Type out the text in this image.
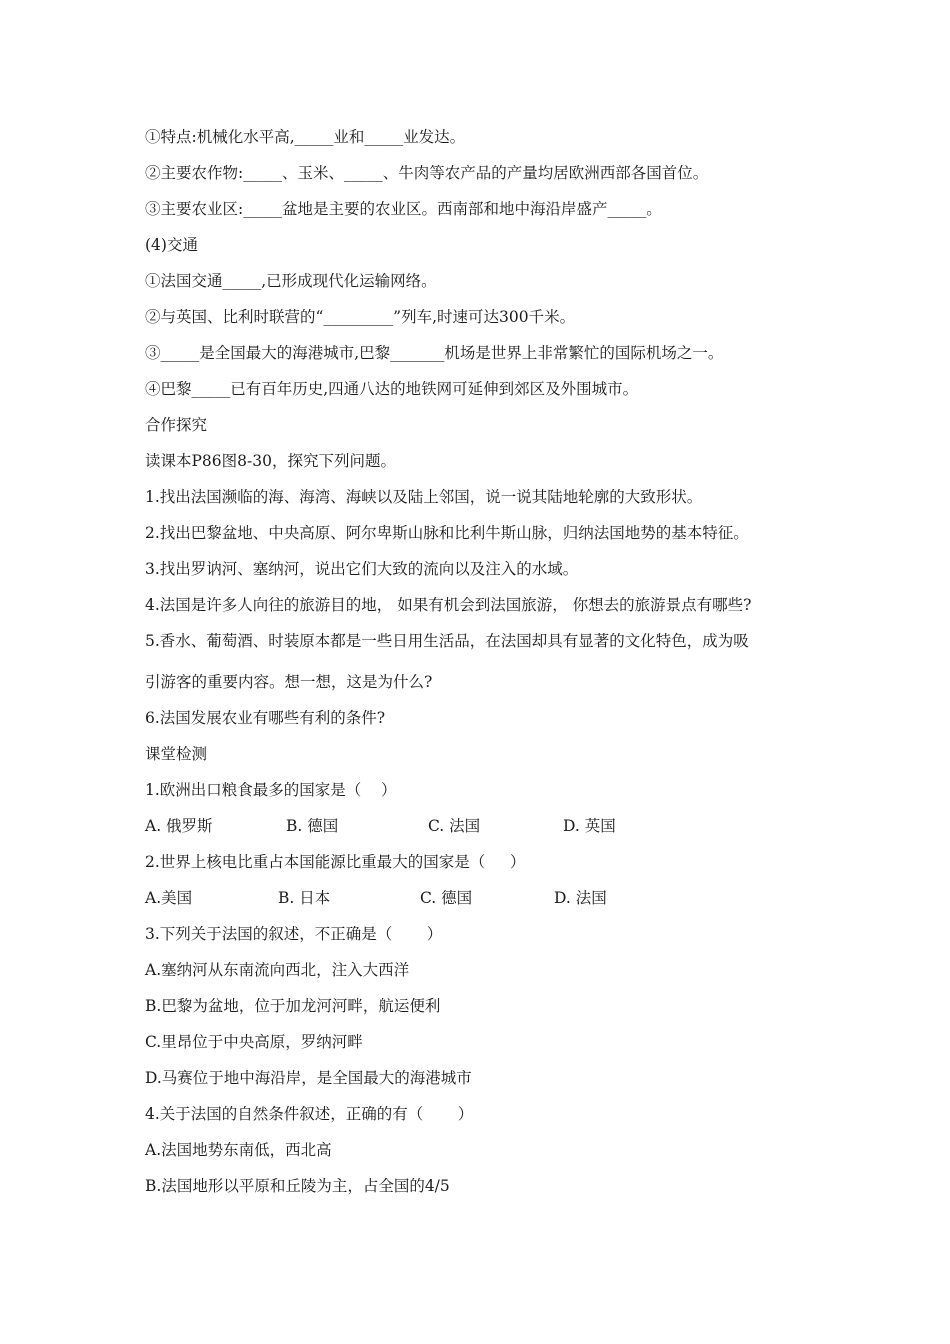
①特点:机械化水平高,_____业和_____业发达。
②主要农作物:_____、玉米、_____、牛肉等农产品的产量均居欧洲西部各国首位。
③主要农业区:_____盆地是主要的农业区。西南部和地中海沿岸盛产_____。
(4)交通
①法国交通_____,已形成现代化运输网络。
②与英国、比利时联营的“_________”列车,时速可达300千米。
③_____是全国最大的海港城市,巴黎_______机场是世界上非常繁忙的国际机场之一。
④巴黎_____已有百年历史,四通八达的地铁网可延伸到郊区及外围城市。
合作探究
读课本P86图8-30，探究下列问题。
1.找出法国濒临的海、海湾、海峡以及陆上邻国，说一说其陆地轮廓的大致形状。
2.找出巴黎盆地、中央高原、阿尔卑斯山脉和比利牛斯山脉，归纳法国地势的基本特征。
3.找出罗讷河、塞纳河，说出它们大致的流向以及注入的水域。
4.法国是许多人向往的旅游目的地， 如果有机会到法国旅游， 你想去的旅游景点有哪些?
5.香水、葡萄酒、时装原本都是一些日用生活品，在法国却具有显著的文化特色，成为吸
引游客的重要内容。想一想，这是为什么?
6.法国发展农业有哪些有利的条件?
课堂检测
1.欧洲出口粮食最多的国家是（    ）
A. 俄罗斯	B. 德国	C. 法国	D. 英国
2.世界上核电比重占本国能源比重最大的国家是（     ）
A.美国	B. 日本	C. 德国	D. 法国
3.下列关于法国的叙述，不正确是（       ）
A.塞纳河从东南流向西北，注入大西洋
B.巴黎为盆地，位于加龙河河畔，航运便利
C.里昂位于中央高原，罗纳河畔
D.马赛位于地中海沿岸，是全国最大的海港城市
4.关于法国的自然条件叙述，正确的有（       ）
A.法国地势东南低，西北高
B.法国地形以平原和丘陵为主，占全国的4/5
